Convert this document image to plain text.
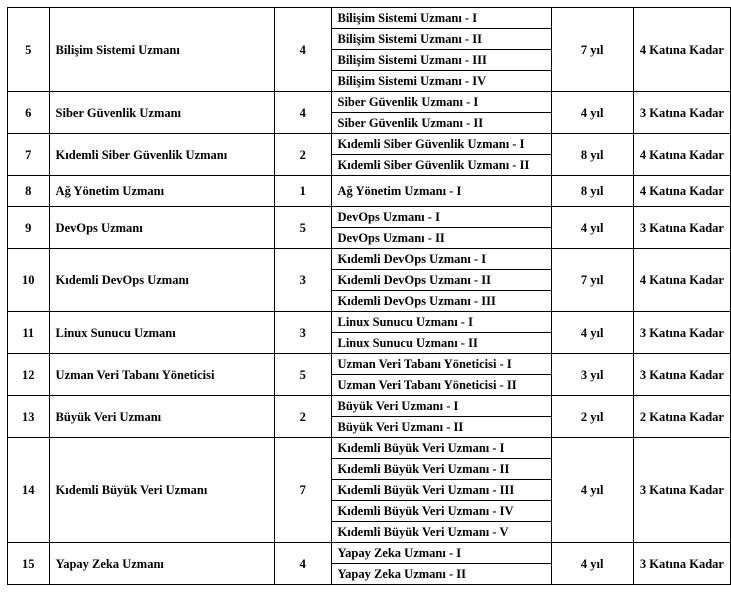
5	Bilişim Sistemi Uzmanı	4	Bilişim Sistemi Uzmanı - I	7 yıl	4 Katına Kadar
			Bilişim Sistemi Uzmanı - II		
			Bilişim Sistemi Uzmanı - III		
			Bilişim Sistemi Uzmanı - IV		
6	Siber Güvenlik Uzmanı	4	Siber Güvenlik Uzmanı - I	4 yıl	3 Katına Kadar
			Siber Güvenlik Uzmanı - II		
7	Kıdemli Siber Güvenlik Uzmanı	2	Kıdemli Siber Güvenlik Uzmanı - I	8 yıl	4 Katına Kadar
			Kıdemli Siber Güvenlik Uzmanı - II		
8	Ağ Yönetim Uzmanı	1	Ağ Yönetim Uzmanı - I	8 yıl	4 Katına Kadar
9	DevOps Uzmanı	5	DevOps Uzmanı - I	4 yıl	3 Katına Kadar
			DevOps Uzmanı - II		
10	Kıdemli DevOps Uzmanı	3	Kıdemli DevOps Uzmanı - I	7 yıl	4 Katına Kadar
			Kıdemli DevOps Uzmanı - II		
			Kıdemli DevOps Uzmanı - III		
11	Linux Sunucu Uzmanı	3	Linux Sunucu Uzmanı - I	4 yıl	3 Katına Kadar
			Linux Sunucu Uzmanı - II		
12	Uzman Veri Tabanı Yöneticisi	5	Uzman Veri Tabanı Yöneticisi - I	3 yıl	3 Katına Kadar
			Uzman Veri Tabanı Yöneticisi - II		
13	Büyük Veri Uzmanı	2	Büyük Veri Uzmanı - I	2 yıl	2 Katına Kadar
			Büyük Veri Uzmanı - II		
14	Kıdemli Büyük Veri Uzmanı	7	Kıdemli Büyük Veri Uzmanı - I	4 yıl	3 Katına Kadar
			Kıdemli Büyük Veri Uzmanı - II		
			Kıdemli Büyük Veri Uzmanı - III		
			Kıdemli Büyük Veri Uzmanı - IV		
			Kıdemli Büyük Veri Uzmanı - V		
15	Yapay Zeka Uzmanı	4	Yapay Zeka Uzmanı - I	4 yıl	3 Katına Kadar
			Yapay Zeka Uzmanı - II		
